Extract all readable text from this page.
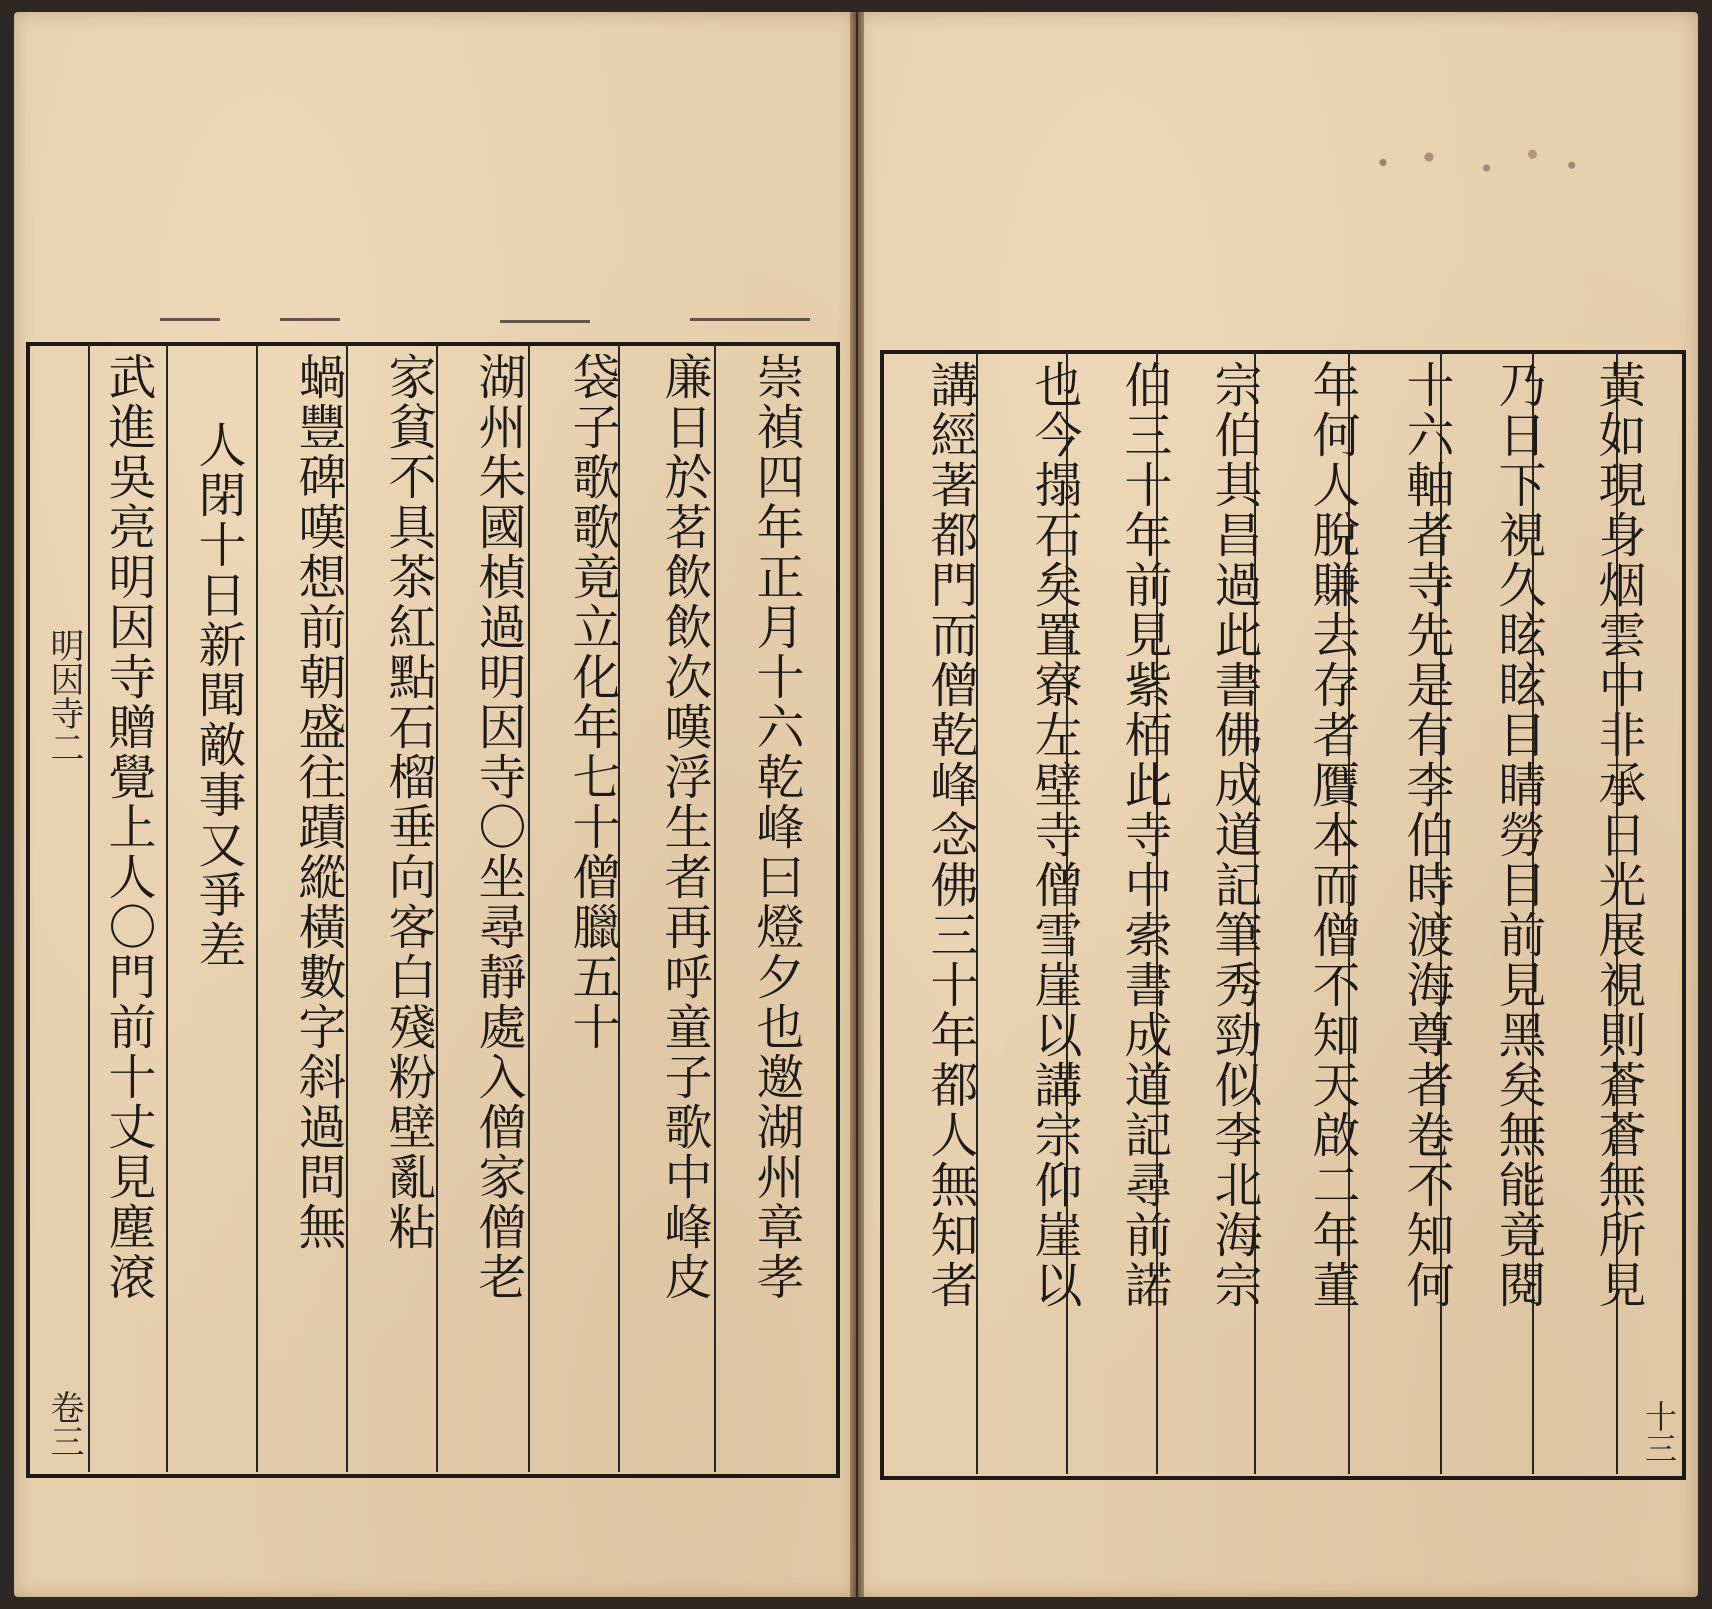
明因寺二
卷三	十三
崇禎四年正月十六乾峰曰燈夕也邀湖州章孝
廉日於茗飲飲次嘆浮生者再呼童子歌中峰皮
袋子歌歌竟立化年七十僧臘五十
湖州朱國楨過明因寺〇坐尋靜處入僧家僧老
家貧不具茶紅點石榴垂向客白殘粉壁亂粘
蝸豐碑嘆想前朝盛往蹟縱橫數字斜過問無
人閉十日新聞敵事又爭差
武進吳亮明因寺贈覺上人〇門前十丈見塵滾	黃如現身烟雲中非承日光展視則蒼蒼無所見
乃日下視久眩眩目睛勞目前見黑矣無能竟閱
十六軸者寺先是有李伯時渡海尊者卷不知何
年何人脫賺去存者贋本而僧不知天啟二年董
宗伯其昌過此書佛成道記筆秀勁似李北海宗
伯三十年前見紫栢此寺中索書成道記尋前諾
也今搨石矣置寮左壁寺僧雪崖以講宗仰崖以
講經著都門而僧乾峰念佛三十年都人無知者
